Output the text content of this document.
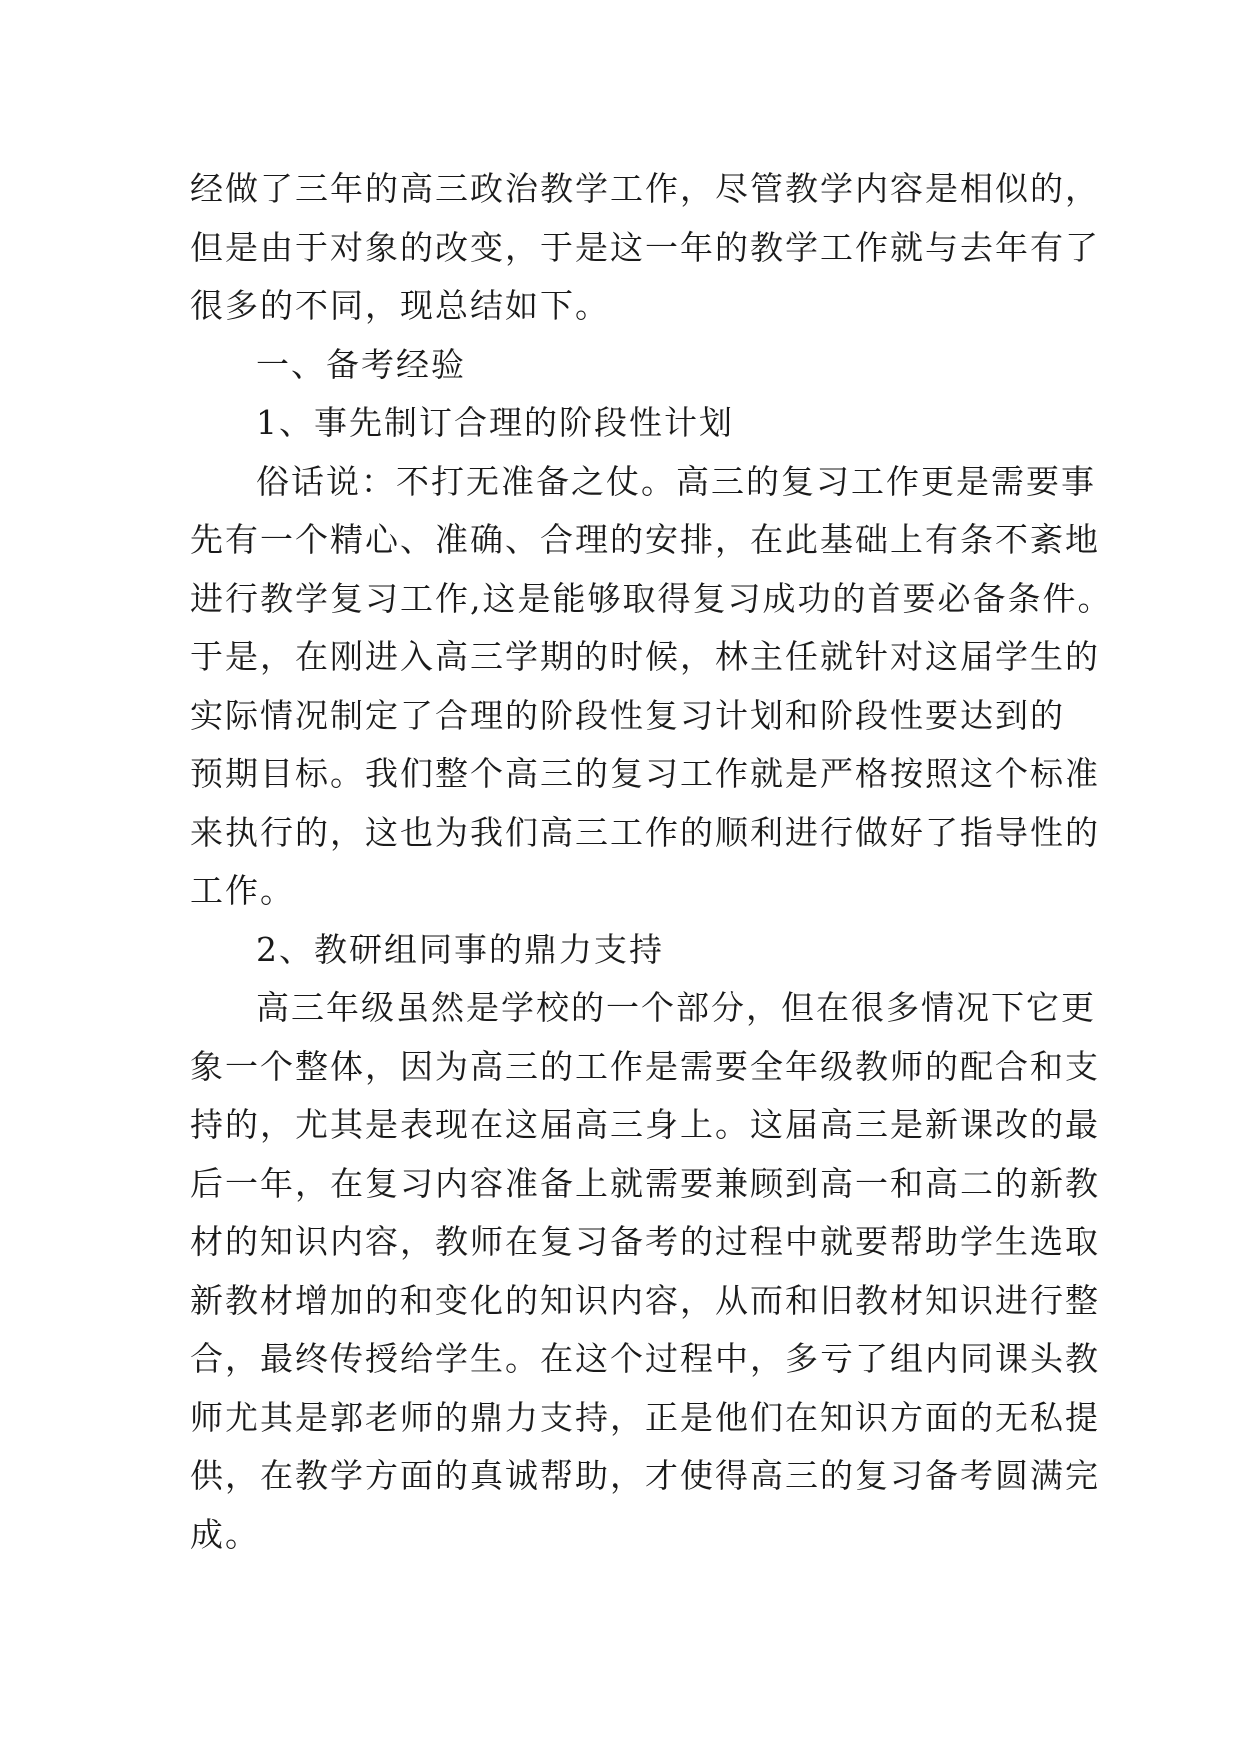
经做了三年的高三政治教学工作，尽管教学内容是相似的，
但是由于对象的改变，于是这一年的教学工作就与去年有了
很多的不同，现总结如下。
一、备考经验
1、事先制订合理的阶段性计划
俗话说：不打无准备之仗。高三的复习工作更是需要事
先有一个精心、准确、合理的安排，在此基础上有条不紊地
进行教学复习工作,这是能够取得复习成功的首要必备条件。
于是，在刚进入高三学期的时候，林主任就针对这届学生的
实际情况制定了合理的阶段性复习计划和阶段性要达到的
预期目标。我们整个高三的复习工作就是严格按照这个标准
来执行的，这也为我们高三工作的顺利进行做好了指导性的
工作。
2、教研组同事的鼎力支持
高三年级虽然是学校的一个部分，但在很多情况下它更
象一个整体，因为高三的工作是需要全年级教师的配合和支
持的，尤其是表现在这届高三身上。这届高三是新课改的最
后一年，在复习内容准备上就需要兼顾到高一和高二的新教
材的知识内容，教师在复习备考的过程中就要帮助学生选取
新教材增加的和变化的知识内容，从而和旧教材知识进行整
合，最终传授给学生。在这个过程中，多亏了组内同课头教
师尤其是郭老师的鼎力支持，正是他们在知识方面的无私提
供，在教学方面的真诚帮助，才使得高三的复习备考圆满完
成。
